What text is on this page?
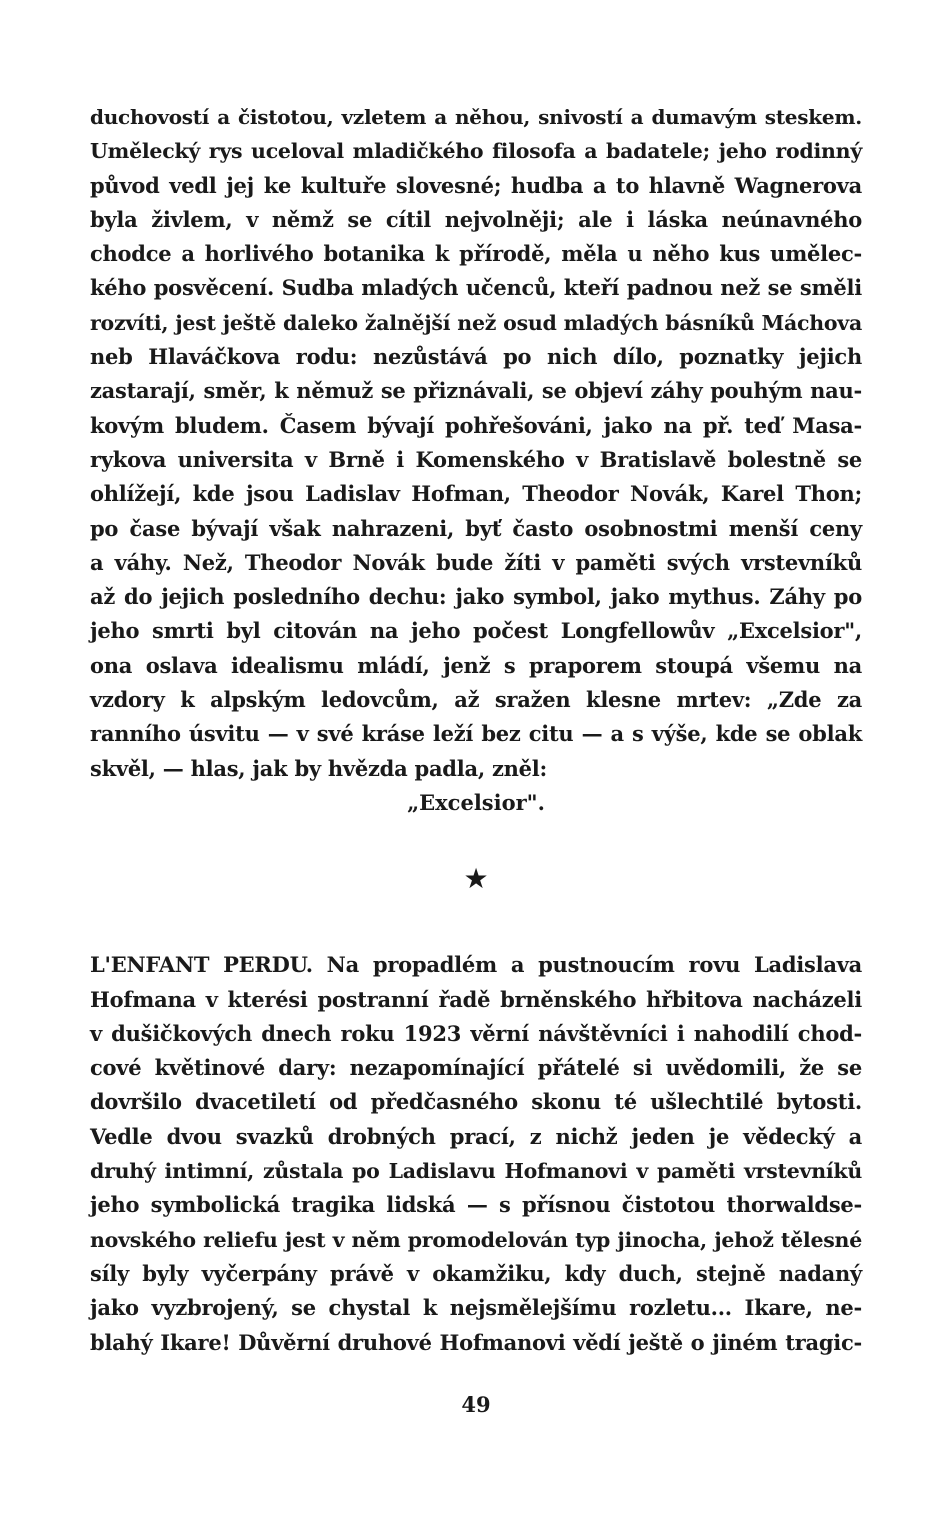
duchovostí a čistotou, vzletem a něhou, snivostí a dumavým steskem.
Umělecký rys uceloval mladičkého filosofa a badatele; jeho rodinný
původ vedl jej ke kultuře slovesné; hudba a to hlavně Wagnerova
byla živlem, v němž se cítil nejvolněji; ale i láska neúnavného
chodce a horlivého botanika k přírodě, měla u něho kus umělec-
kého posvěcení. Sudba mladých učenců, kteří padnou než se směli
rozvíti, jest ještě daleko žalnější než osud mladých básníků Máchova
neb Hlaváčkova rodu: nezůstává po nich dílo, poznatky jejich
zastarají, směr, k němuž se přiznávali, se objeví záhy pouhým nau-
kovým bludem. Časem bývají pohřešováni, jako na př. teď Masa-
rykova universita v Brně i Komenského v Bratislavě bolestně se
ohlížejí, kde jsou Ladislav Hofman, Theodor Novák, Karel Thon;
po čase bývají však nahrazeni, byť často osobnostmi menší ceny
a váhy. Než, Theodor Novák bude žíti v paměti svých vrstevníků
až do jejich posledního dechu: jako symbol, jako mythus. Záhy po
jeho smrti byl citován na jeho počest Longfellowův „Excelsior",
ona oslava idealismu mládí, jenž s praporem stoupá všemu na
vzdory k alpským ledovcům, až sražen klesne mrtev: „Zde za
ranního úsvitu — v své kráse leží bez citu — a s výše, kde se oblak
skvěl, — hlas, jak by hvězda padla, zněl:
„Excelsior".
★
L'ENFANT PERDU. Na propadlém a pustnoucím rovu Ladislava
Hofmana v kterési postranní řadě brněnského hřbitova nacházeli
v dušičkových dnech roku 1923 věrní návštěvníci i nahodilí chod-
cové květinové dary: nezapomínající přátelé si uvědomili, že se
dovršilo dvacetiletí od předčasného skonu té ušlechtilé bytosti.
Vedle dvou svazků drobných prací, z nichž jeden je vědecký a
druhý intimní, zůstala po Ladislavu Hofmanovi v paměti vrstevníků
jeho symbolická tragika lidská — s přísnou čistotou thorwaldse-
novského reliefu jest v něm promodelován typ jinocha, jehož tělesné
síly byly vyčerpány právě v okamžiku, kdy duch, stejně nadaný
jako vyzbrojený, se chystal k nejsmělejšímu rozletu... Ikare, ne-
blahý Ikare! Důvěrní druhové Hofmanovi vědí ještě o jiném tragic-
49
